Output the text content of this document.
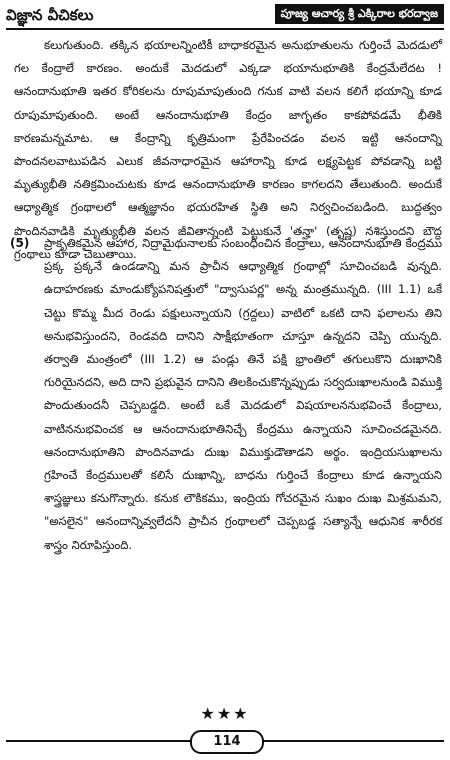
విజ్ఞాన వీచికలు	పూజ్య ఆచార్య శ్రీ ఎక్కిరాల భరద్వాజ
కలుగుతుంది. తక్కిన భయాలన్నింటికీ బాధాకరమైన అనుభూతులను గుర్తించే మెదడులో గల కేంద్రాలే కారణం. అందుకే మెదడులో ఎక్కడా భయానుభూతికి కేంద్రమేలేదట ! ఆనందానుభూతి ఇతర కోరికలను రూపుమాపుతుంది గనుక వాటి వలన కలిగే భయాన్ని కూడ రూపుమాపుతుంది. అంటే ఆనందానుభూతి కేంద్రం జాగృతం కాకపోవడమే భీతికి కారణమన్నమాట. ఆ కేంద్రాన్ని కృత్రిమంగా ప్రేరేపించడం వలన ఇట్టి ఆనందాన్ని పొందనలవాటుపడిన ఎలుక జీవనాధారమైన ఆహారాన్ని కూడ లక్ష్యపెట్టక పోవడాన్ని బట్టి మృత్యుభీతి నతిక్రమించుటకు కూడ ఆనందానుభూతి కారణం కాగలదని తేలుతుంది. అందుకే ఆధ్యాత్మిక గ్రంథాలలో ఆత్మజ్ఞానం భయరహిత స్థితి అని నిర్వచించబడింది. బుద్ధత్వం పొందినవాడికి మృత్యుభీతి వలన జీవితాన్నంటి పెట్టుకునే 'తన్హా' (తృష్ణ) నశిస్తుందని బౌద్ధ గ్రంథాలు కూడా చెబుతాయి.
(5) ప్రాకృతికమైన ఆహార, నిద్రామైథునాలకు సంబంధించిన కేంద్రాలు, ఆనందానుభూతి కేంద్రము ప్రక్క ప్రక్కనే ఉండడాన్ని మన ప్రాచీన ఆధ్యాత్మిక గ్రంథాల్లో సూచించబడి వున్నది. ఉదాహరణకు మాండుక్యోపనిషత్తులో "ద్వాసుపర్ణ" అన్న మంత్రమున్నది. (III 1.1) ఒకే చెట్టు కొమ్మ మీద రెండు పక్షులున్నాయని (గ్రద్దలు) వాటిలో ఒకటి దాని ఫలాలను తిని అనుభవిస్తుందని, రెండవది దానిని సాక్షీభూతంగా చూస్తూ ఉన్నదని చెప్పి యున్నది. తర్వాతి మంత్రంలో (III 1.2) ఆ పండ్లు తినే పక్షి భ్రాంతిలో తగులుకొని దుఃఖానికి గురియైనదని, అది దాని ప్రభువైన దానిని తిలకించుకొన్నప్పుడు సర్వదుఃఖాలనుండి విముక్తి పొందుతుందనీ చెప్పబడ్డది. అంటే ఒకే మెదడులో విషయాలననుభవించే కేంద్రాలు, వాటిననుభవించక ఆ ఆనందానుభూతినిచ్చే కేంద్రము ఉన్నాయని సూచించడమైనది. ఆనందానుభూతిని పొందినవాడు దుఃఖ విముక్తుడౌతాడని అర్థం. ఇంద్రియసుఖాలను గ్రహించే కేంద్రములతో కలిసే దుఃఖాన్ని, బాధను గుర్తించే కేంద్రాలు కూడ ఉన్నాయని శాస్త్రజ్ఞులు కనుగొన్నారు. కనుక లౌకికము, ఇంద్రియ గోచరమైన సుఖం దుఃఖ మిశ్రమమని, "అసలైన" ఆనందాన్నివ్వలేదనీ ప్రాచీన గ్రంథాలలో చెప్పబడ్డ సత్యాన్నే ఆధునిక శారీరక శాస్త్రం నిరూపిస్తుంది.
★★★
114
